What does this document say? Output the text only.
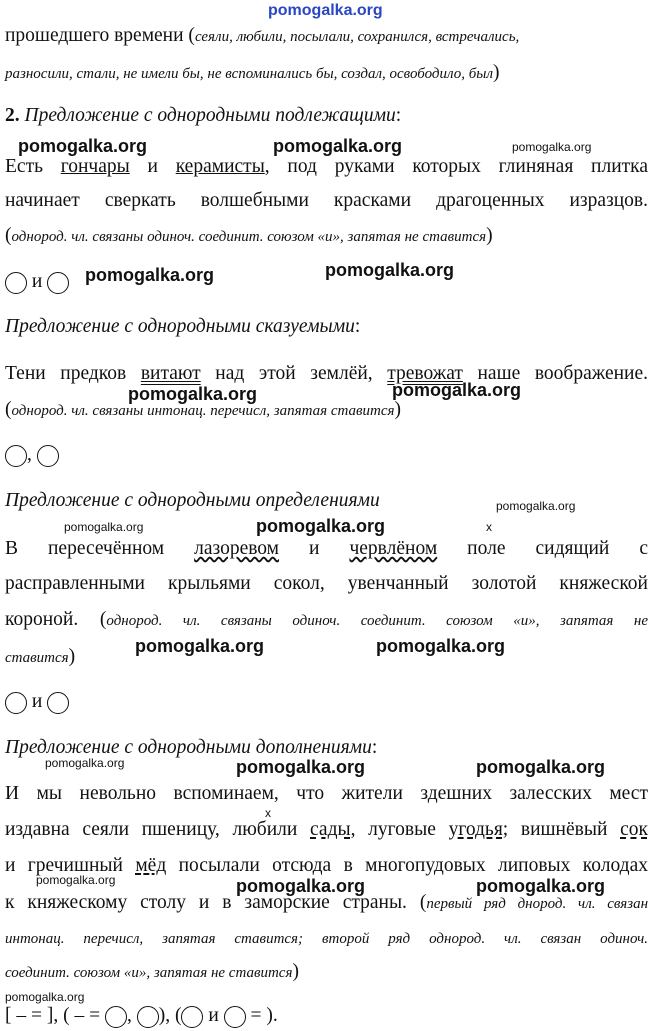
pomogalka.org
pomogalka.org	pomogalka.org	pomogalka.org
pomogalka.org	pomogalka.org
pomogalka.org	pomogalka.org
pomogalka.org
pomogalka.org	pomogalka.org
pomogalka.org	pomogalka.org
pomogalka.org	pomogalka.org	pomogalka.org
pomogalka.org	pomogalka.org	pomogalka.org
pomogalka.org
прошедшего времени (сеяли, любили, посылали, сохранился, встречались,
разносили, стали, не имели бы, не вспоминались бы, создал, освободило, был)
2. Предложение с однородными подлежащими:
Есть гончары и керамисты, под руками которых глиняная плитка
начинает сверкать волшебными красками драгоценных изразцов.
(однород. чл. связаны одиноч. соединит. союзом «и», запятая не ставится)
и
Предложение с однородными сказуемыми:
Тени предков витают над этой землёй, тревожат наше воображение.
(однород. чл. связаны интонац. перечисл, запятая ставится)
,
Предложение с однородными определениями
x
В пересечённом лазоревом и червлёном поле сидящий с
расправленными крыльями сокол, увенчанный золотой княжеской
короной. (однород. чл. связаны одиноч. соединит. союзом «и», запятая не
ставится)
и
Предложение с однородными дополнениями:
И мы невольно вспоминаем, что жители здешних залесских мест
x
издавна сеяли пшеницу, любили сады, луговые угодья; вишнёвый сок
и гречишный мёд посылали отсюда в многопудовых липовых колодах
к княжескому столу и в заморские страны. (первый ряд днород. чл. связан
интонац. перечисл, запятая ставится; второй ряд однород. чл. связан одиноч.
соединит. союзом «и», запятая не ставится)
[ – = ], ( – = , ), ( и  = ).
